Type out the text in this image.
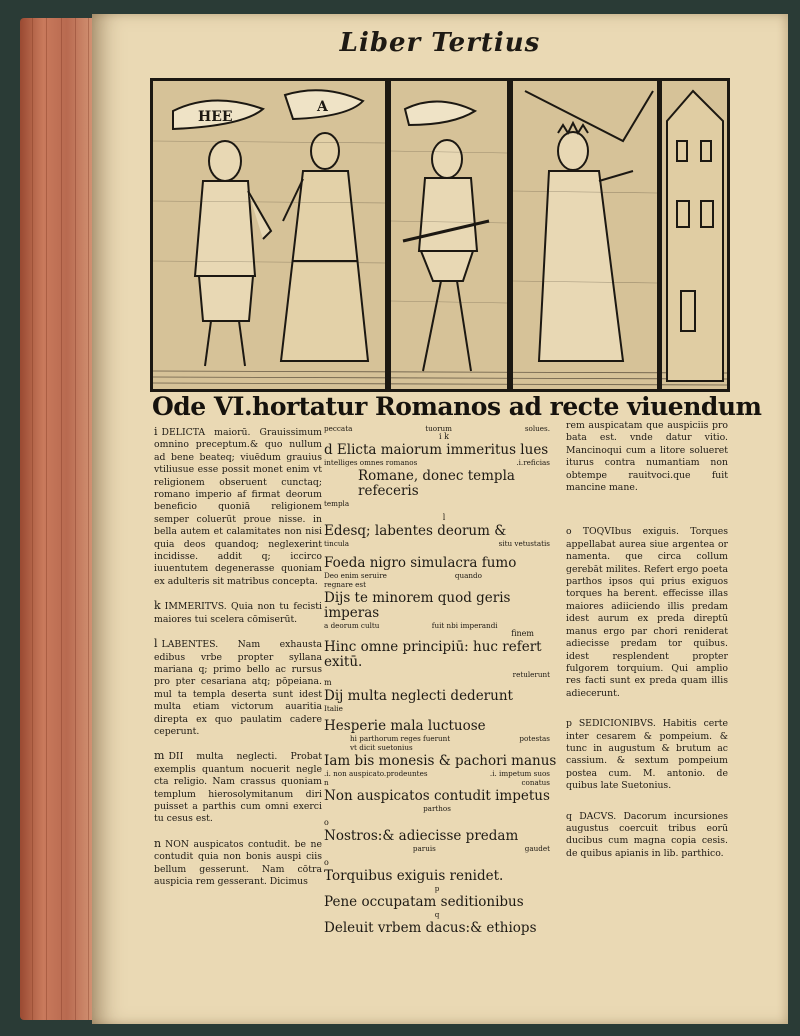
Liber Tertius
HEE
A
Ode VI.hortatur Romanos ad recte viuendum

i DELICTA maiorū. Grauissimum omnino preceptum.& quo nullum ad bene beateq; viuēdum grauius vtiliusue esse possit monet enim vt religionem obseruent cunctaq; romano imperio af firmat deorum beneficio quoniā religionem semper coluerūt proue nisse. in bella autem et calamitates non nisi quia deos quandoq; neglexerint incidisse. addit q; iccirco iuuentutem degenerasse quoniam ex adulteris sit matribus concepta.

k IMMERITVS. Quia non tu fecisti maiores tui scelera cōmiserūt.

l LABENTES. Nam exhausta edibus vrbe propter syllana mariana q; primo bello ac rursus pro pter cesariana atq; pōpeiana. mul ta templa deserta sunt idest multa etiam victorum auaritia direpta ex quo paulatim cadere ceperunt.

m DII multa neglecti. Probat exemplis quantum nocuerit negle cta religio. Nam crassus quoniam templum hierosolymitanum diri puisset a parthis cum omni exerci tu cesus est.

n NON auspicatos contudit. be ne contudit quia non bonis auspi ciis bellum gesserunt. Nam cōtra auspicia rem gesserant. Dicimus

peccata	tuorum	solues.
i k
d Elicta maiorum immeritus lues
intelliges omnes romanos	.i.reficias
Romane, donec templa refeceris
templa
l
Edesq; labentes deorum &
tincula	situ vetustatis
Foeda nigro simulacra fumo
Deo enim seruire	quando
regnare est
Dijs te minorem quod geris imperas
a deorum cultu	fuit nbi imperandi
finem
Hinc omne principiū: huc refert exitū.
retulerunt
m
Dij multa neglecti dederunt
Italie
Hesperie mala luctuose
hi parthorum reges fuerunt	potestas
vt dicit suetonius
Iam bis monesis & pachori manus
.i. non auspicato.prodeuntes	.i. impetum suos
n	conatus
Non auspicatos contudit impetus
parthos
o
Nostros:& adiecisse predam
paruis	gaudet
o
Torquibus exiguis renidet.
p
Pene occupatam seditionibus
q
Deleuit vrbem dacus:& ethiops

rem auspicatam que auspiciis pro bata est. vnde datur vitio. Mancinoqui cum a litore solueret iturus contra numantiam non obtempe rauitvoci.que fuit mancine mane.

o TOQVIbus exiguis. Torques appellabat aurea siue argentea or namenta. que circa collum gerebāt milites. Refert ergo poeta parthos ipsos qui prius exiguos torques ha berent. effecisse illas maiores adiiciendo illis predam idest aurum ex preda direptū manus ergo par chori reniderat adiecisse predam tor quibus. idest resplendent propter fulgorem torquium. Qui amplio res facti sunt ex preda quam illis adiecerunt.

p SEDICIONIBVS. Habitis certe inter cesarem & pompeium. & tunc in augustum & brutum ac cassium. & sextum pompeium postea cum. M. antonio. de quibus late Suetonius.

q DACVS. Dacorum incursiones augustus coercuit tribus eorū ducibus cum magna copia cesis. de quibus apianis in lib. parthico.
